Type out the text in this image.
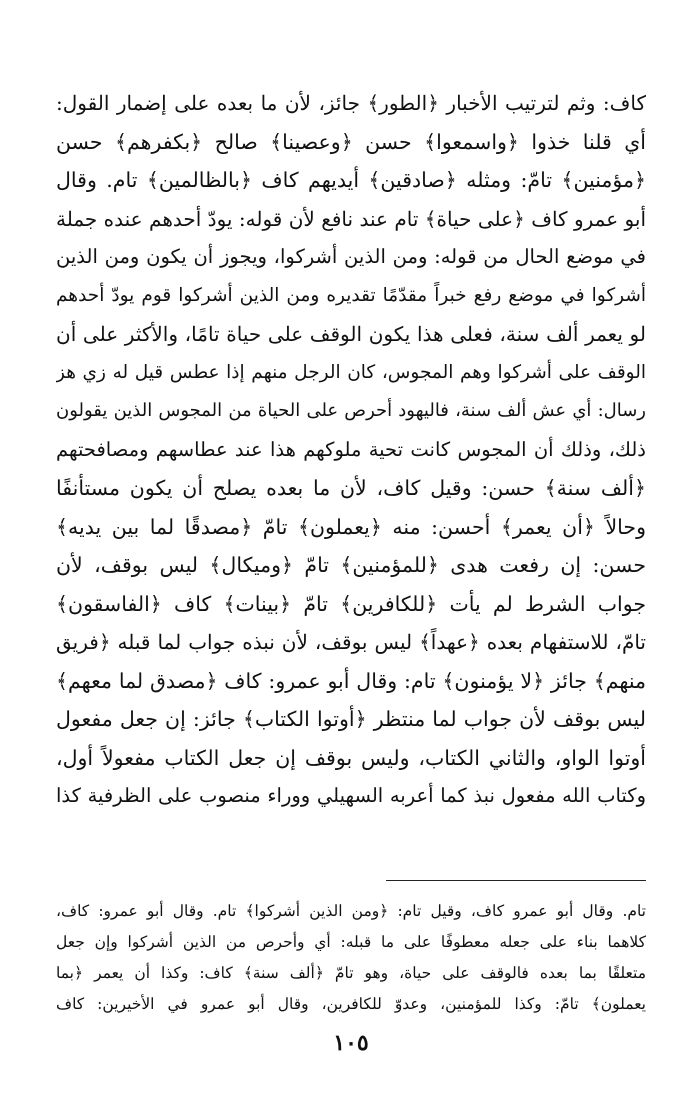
كاف: وثم لترتيب الأخبار ﴿الطور﴾ جائز، لأن ما بعده على إضمار القول:
أي قلنا خذوا ﴿واسمعوا﴾ حسن ﴿وعصينا﴾ صالح ﴿بكفرهم﴾ حسن
﴿مؤمنين﴾ تامّ: ومثله ﴿صادقين﴾ أيديهم كاف ﴿بالظالمين﴾ تام. وقال
أبو عمرو كاف ﴿على حياة﴾ تام عند نافع لأن قوله: يودّ أحدهم عنده جملة
في موضع الحال من قوله: ومن الذين أشركوا، ويجوز أن يكون ومن الذين
أشركوا في موضع رفع خبراً مقدّمًا تقديره ومن الذين أشركوا قوم يودّ أحدهم
لو يعمر ألف سنة، فعلى هذا يكون الوقف على حياة تامًا، والأكثر على أن
الوقف على أشركوا وهم المجوس، كان الرجل منهم إذا عطس قيل له زي هز
رسال: أي عش ألف سنة، فاليهود أحرص على الحياة من المجوس الذين يقولون
ذلك، وذلك أن المجوس كانت تحية ملوكهم هذا عند عطاسهم ومصافحتهم
﴿ألف سنة﴾ حسن: وقيل كاف، لأن ما بعده يصلح أن يكون مستأنفًا
وحالاً ﴿أن يعمر﴾ أحسن: منه ﴿يعملون﴾ تامّ ﴿مصدقًا لما بين يديه﴾
حسن: إن رفعت هدى ﴿للمؤمنين﴾ تامّ ﴿وميكال﴾ ليس بوقف، لأن
جواب الشرط لم يأت ﴿للكافرين﴾ تامّ ﴿بينات﴾ كاف ﴿الفاسقون﴾
تامّ، للاستفهام بعده ﴿عهداً﴾ ليس بوقف، لأن نبذه جواب لما قبله ﴿فريق
منهم﴾ جائز ﴿لا يؤمنون﴾ تام: وقال أبو عمرو: كاف ﴿مصدق لما معهم﴾
ليس بوقف لأن جواب لما منتظر ﴿أوتوا الكتاب﴾ جائز: إن جعل مفعول
أوتوا الواو، والثاني الكتاب، وليس بوقف إن جعل الكتاب مفعولاً أول،
وكتاب الله مفعول نبذ كما أعربه السهيلي ووراء منصوب على الظرفية كذا
تام. وقال أبو عمرو كاف، وقيل تام: ﴿ومن الذين أشركوا﴾ تام. وقال أبو عمرو: كاف،
كلاهما بناء على جعله معطوفًا على ما قبله: أي وأحرص من الذين أشركوا وإن جعل
متعلقًا بما بعده فالوقف على حياة، وهو تامّ ﴿ألف سنة﴾ كاف: وكذا أن يعمر ﴿بما
يعملون﴾ تامّ: وكذا للمؤمنين، وعدوّ للكافرين، وقال أبو عمرو في الأخيرين: كاف
١٠٥
